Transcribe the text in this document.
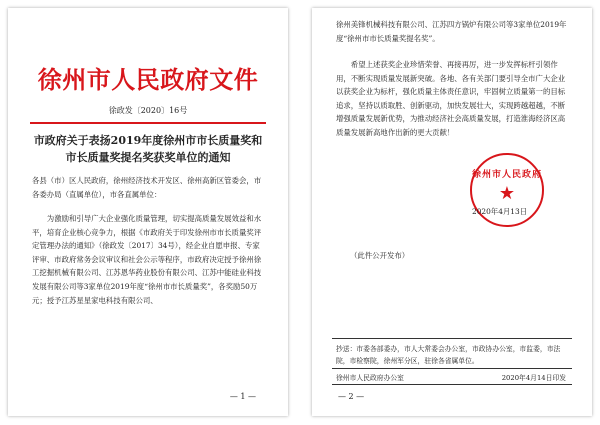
徐州市人民政府文件
徐政发〔2020〕16号
市政府关于表扬2019年度徐州市市长质量奖和
市长质量奖提名奖获奖单位的通知
各县（市）区人民政府，徐州经济技术开发区、徐州高新区管委会，市各委办局（直属单位），市各直属单位：
为激励和引导广大企业强化质量管理，切实提高质量发展效益和水平，培育企业核心竞争力，根据《市政府关于印发徐州市市长质量奖评定管理办法的通知》（徐政发〔2017〕34号），经企业自愿申报、专家评审、市政府常务会议审议和社会公示等程序，市政府决定授予徐州徐工挖掘机械有限公司、江苏恩华药业股份有限公司、江苏中能硅业科技发展有限公司等3家单位2019年度“徐州市市长质量奖”，各奖励50万元；授予江苏星星家电科技有限公司、
— 1 —
徐州美锋机械科技有限公司、江苏四方锅炉有限公司等3家单位2019年度“徐州市市长质量奖提名奖”。
希望上述获奖企业珍惜荣誉、再接再厉，进一步发挥标杆引领作用，不断实现质量发展新突破。各地、各有关部门要引导全市广大企业以获奖企业为标杆，强化质量主体责任意识，牢固树立质量第一的目标追求，坚持以质取胜、创新驱动，加快发展壮大，实现跨越超越，不断增强质量发展新优势，为推动经济社会高质量发展，打造淮海经济区高质量发展新高地作出新的更大贡献！
徐州市人民政府
★
2020年4月13日
（此件公开发布）
抄送：市委各部委办，市人大常委会办公室，市政协办公室，市监委，市法院，市检察院，徐州军分区，驻徐各省属单位。
徐州市人民政府办公室	2020年4月14日印发
— 2 —
